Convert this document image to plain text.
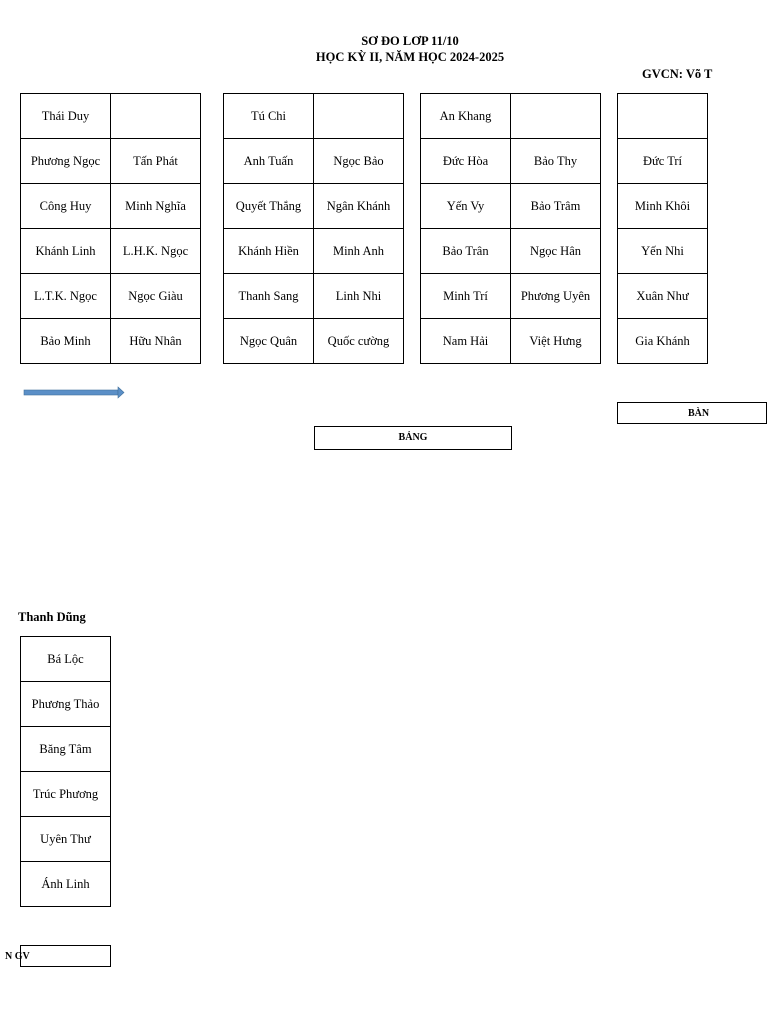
SƠ ĐO LƠP 11/10
HỌC KỲ II, NĂM HỌC 2024-2025
GVCN: Võ T
Thái Duy	
Phương Ngọc	Tấn Phát
Công Huy	Minh Nghĩa
Khánh Linh	L.H.K. Ngọc
L.T.K. Ngọc	Ngọc Giàu
Bảo Minh	Hữu Nhân
Tú Chi	
Anh Tuấn	Ngọc Bảo
Quyết Thắng	Ngân Khánh
Khánh Hiền	Minh Anh
Thanh Sang	Linh Nhi
Ngọc Quân	Quốc cường
An Khang	
Đức Hòa	Bảo Thy
Yến Vy	Bảo Trâm
Bảo Trân	Ngọc Hân
Minh Trí	Phương Uyên
Nam Hải	Việt Hưng

Đức Trí
Minh Khôi
Yến Nhi
Xuân Như
Gia Khánh
BẢNG
BÀN
Thanh Dũng
Bá Lộc
Phương Thảo
Băng Tâm
Trúc Phương
Uyên Thư
Ánh Linh
N GV
